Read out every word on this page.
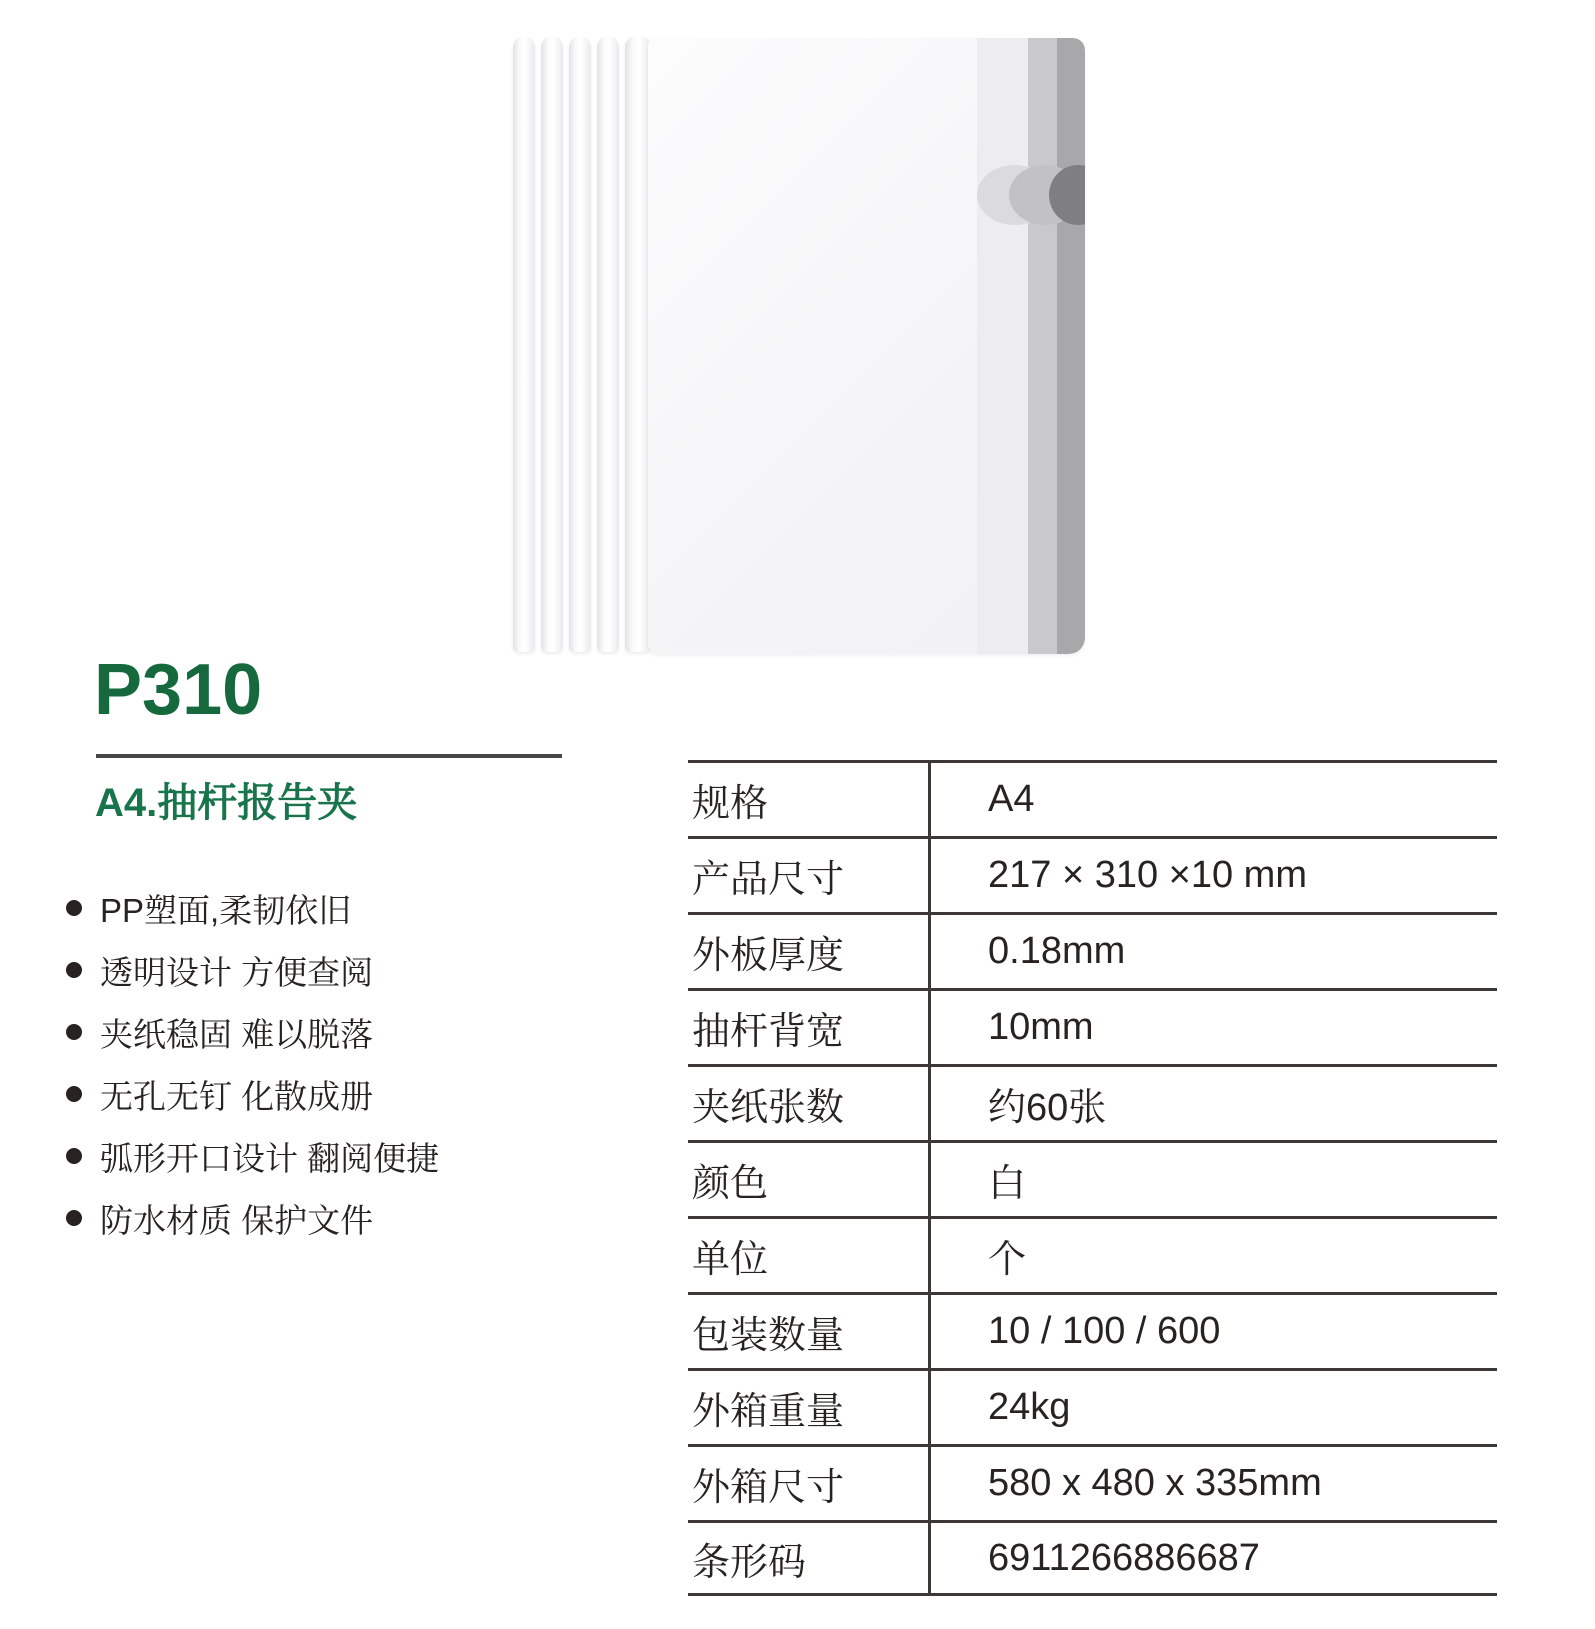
P310
A4.抽杆报告夹
PP塑面,柔韧依旧
透明设计 方便查阅
夹纸稳固 难以脱落
无孔无钉 化散成册
弧形开口设计 翻阅便捷
防水材质 保护文件
规格	A4
产品尺寸	217 × 310 ×10 mm
外板厚度	0.18mm
抽杆背宽	10mm
夹纸张数	约60张
颜色	白
单位	个
包装数量	10 / 100 / 600
外箱重量	24kg
外箱尺寸	580 x 480 x 335mm
条形码	6911266886687
